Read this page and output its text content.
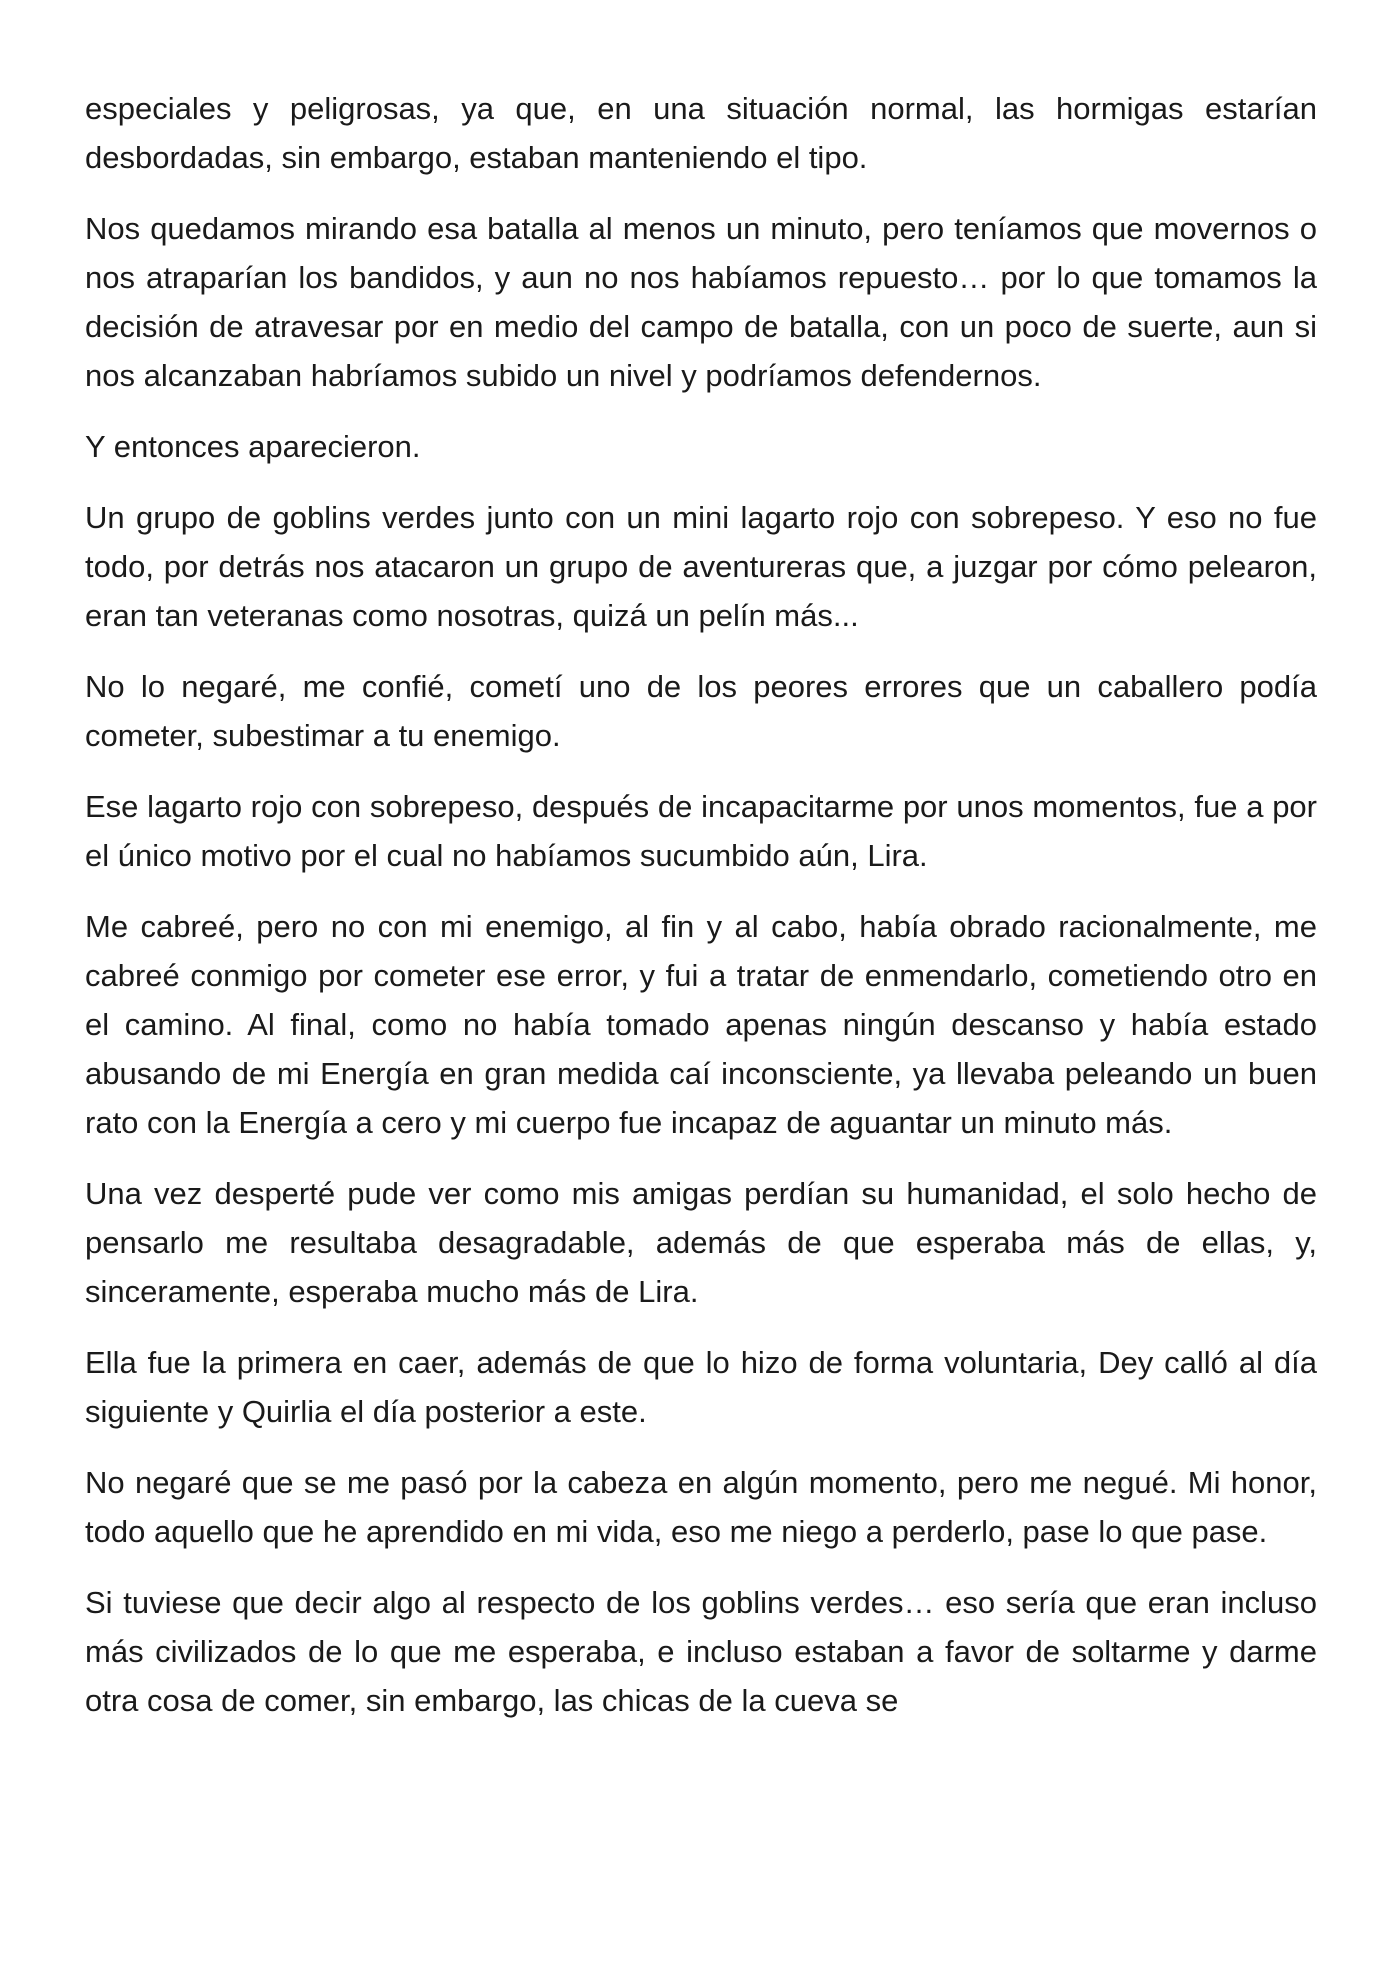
especiales y peligrosas, ya que, en una situación normal, las hormigas estarían desbordadas, sin embargo, estaban manteniendo el tipo.

Nos quedamos mirando esa batalla al menos un minuto, pero teníamos que movernos o nos atraparían los bandidos, y aun no nos habíamos repuesto… por lo que tomamos la decisión de atravesar por en medio del campo de batalla, con un poco de suerte, aun si nos alcanzaban habríamos subido un nivel y podríamos defendernos.

Y entonces aparecieron.

Un grupo de goblins verdes junto con un mini lagarto rojo con sobrepeso. Y eso no fue todo, por detrás nos atacaron un grupo de aventureras que, a juzgar por cómo pelearon, eran tan veteranas como nosotras, quizá un pelín más...

No lo negaré, me confié, cometí uno de los peores errores que un caballero podía cometer, subestimar a tu enemigo.

Ese lagarto rojo con sobrepeso, después de incapacitarme por unos momentos, fue a por el único motivo por el cual no habíamos sucumbido aún, Lira.

Me cabreé, pero no con mi enemigo, al fin y al cabo, había obrado racionalmente, me cabreé conmigo por cometer ese error, y fui a tratar de enmendarlo, cometiendo otro en el camino. Al final, como no había tomado apenas ningún descanso y había estado abusando de mi Energía en gran medida caí inconsciente, ya llevaba peleando un buen rato con la Energía a cero y mi cuerpo fue incapaz de aguantar un minuto más.

Una vez desperté pude ver como mis amigas perdían su humanidad, el solo hecho de pensarlo me resultaba desagradable, además de que esperaba más de ellas, y, sinceramente, esperaba mucho más de Lira.

Ella fue la primera en caer, además de que lo hizo de forma voluntaria, Dey calló al día siguiente y Quirlia el día posterior a este.

No negaré que se me pasó por la cabeza en algún momento, pero me negué. Mi honor, todo aquello que he aprendido en mi vida, eso me niego a perderlo, pase lo que pase.

Si tuviese que decir algo al respecto de los goblins verdes… eso sería que eran incluso más civilizados de lo que me esperaba, e incluso estaban a favor de soltarme y darme otra cosa de comer, sin embargo, las chicas de la cueva se
